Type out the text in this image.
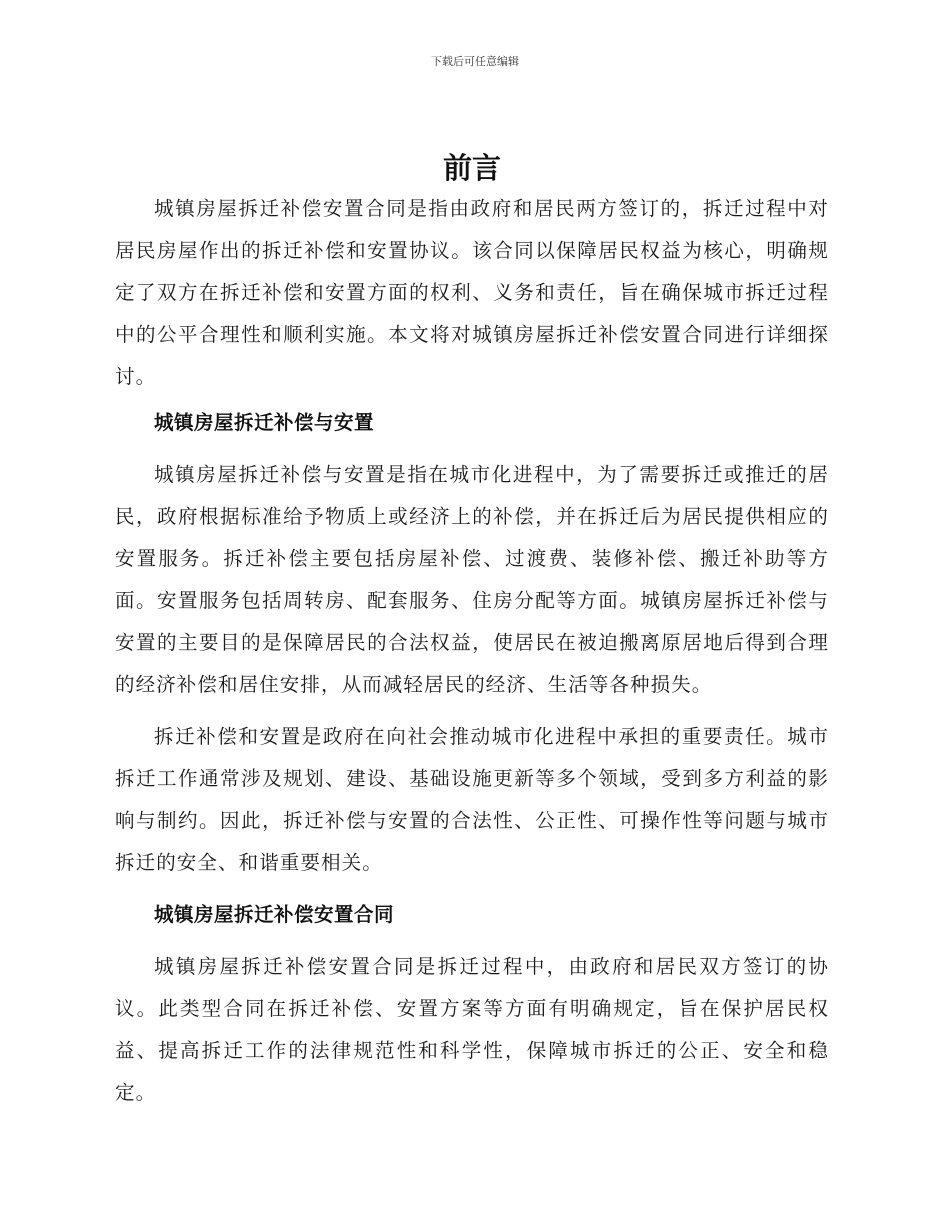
下载后可任意编辑
前言

城镇房屋拆迁补偿安置合同是指由政府和居民两方签订的，拆迁过程中对居民房屋作出的拆迁补偿和安置协议。该合同以保障居民权益为核心，明确规定了双方在拆迁补偿和安置方面的权利、义务和责任，旨在确保城市拆迁过程中的公平合理性和顺利实施。本文将对城镇房屋拆迁补偿安置合同进行详细探讨。

城镇房屋拆迁补偿与安置

城镇房屋拆迁补偿与安置是指在城市化进程中，为了需要拆迁或推迁的居民，政府根据标准给予物质上或经济上的补偿，并在拆迁后为居民提供相应的安置服务。拆迁补偿主要包括房屋补偿、过渡费、装修补偿、搬迁补助等方面。安置服务包括周转房、配套服务、住房分配等方面。城镇房屋拆迁补偿与安置的主要目的是保障居民的合法权益，使居民在被迫搬离原居地后得到合理的经济补偿和居住安排，从而减轻居民的经济、生活等各种损失。

拆迁补偿和安置是政府在向社会推动城市化进程中承担的重要责任。城市拆迁工作通常涉及规划、建设、基础设施更新等多个领域，受到多方利益的影响与制约。因此，拆迁补偿与安置的合法性、公正性、可操作性等问题与城市拆迁的安全、和谐重要相关。

城镇房屋拆迁补偿安置合同

城镇房屋拆迁补偿安置合同是拆迁过程中，由政府和居民双方签订的协议。此类型合同在拆迁补偿、安置方案等方面有明确规定，旨在保护居民权益、提高拆迁工作的法律规范性和科学性，保障城市拆迁的公正、安全和稳定。
